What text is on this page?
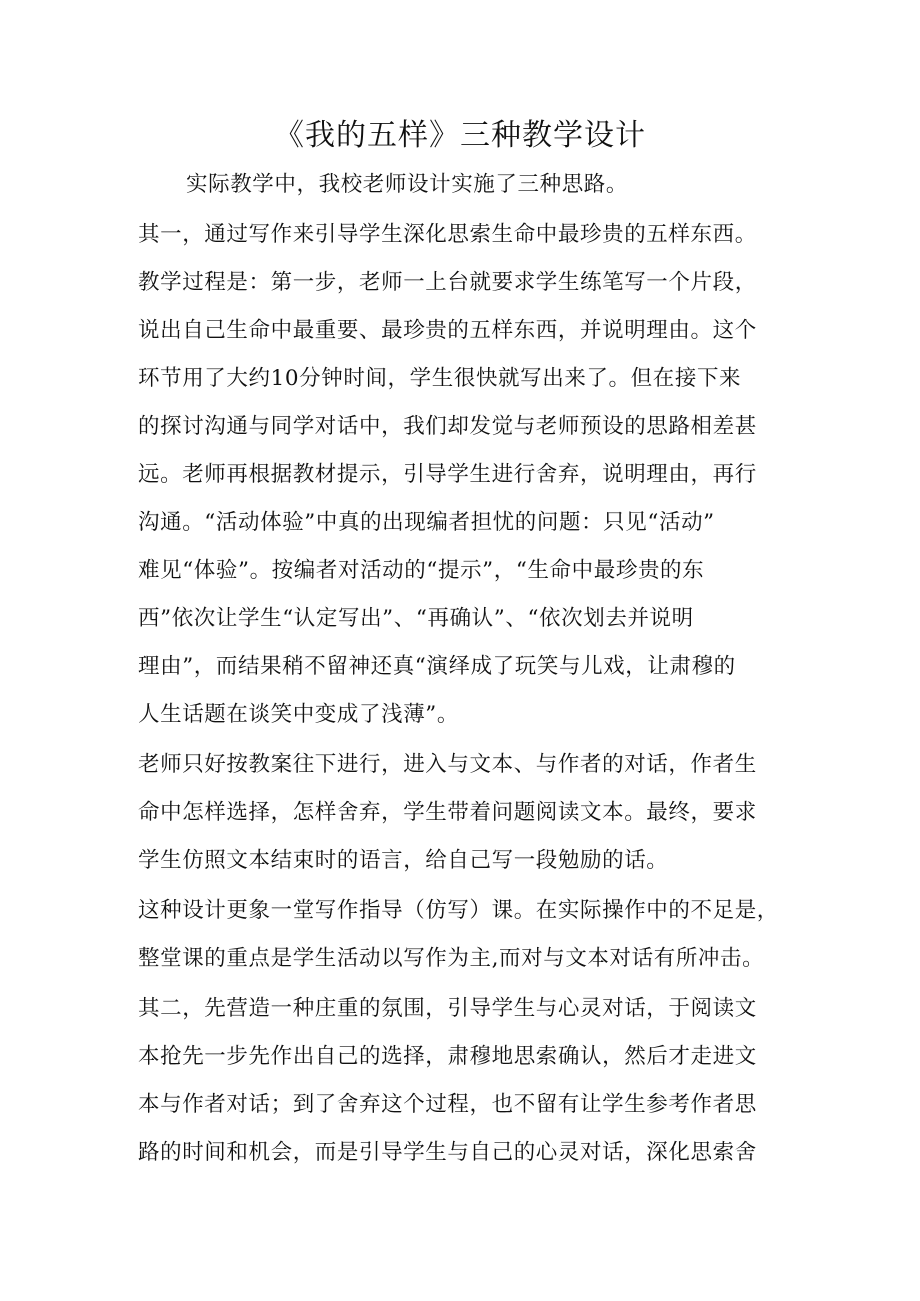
《我的五样》三种教学设计

实际教学中，我校老师设计实施了三种思路。

其一，通过写作来引导学生深化思索生命中最珍贵的五样东西。

教学过程是：第一步，老师一上台就要求学生练笔写一个片段，

说出自己生命中最重要、最珍贵的五样东西，并说明理由。这个

环节用了大约10分钟时间，学生很快就写出来了。但在接下来

的探讨沟通与同学对话中，我们却发觉与老师预设的思路相差甚

远。老师再根据教材提示，引导学生进行舍弃，说明理由，再行

沟通。“活动体验”中真的出现编者担忧的问题：只见“活动”

难见“体验”。按编者对活动的“提示”，“生命中最珍贵的东

西”依次让学生“认定写出”、“再确认”、“依次划去并说明

理由”，而结果稍不留神还真“演绎成了玩笑与儿戏，让肃穆的

人生话题在谈笑中变成了浅薄”。

老师只好按教案往下进行，进入与文本、与作者的对话，作者生

命中怎样选择，怎样舍弃，学生带着问题阅读文本。最终，要求

学生仿照文本结束时的语言，给自己写一段勉励的话。

这种设计更象一堂写作指导（仿写）课。在实际操作中的不足是，

整堂课的重点是学生活动以写作为主,而对与文本对话有所冲击。

其二，先营造一种庄重的氛围，引导学生与心灵对话，于阅读文

本抢先一步先作出自己的选择，肃穆地思索确认，然后才走进文

本与作者对话；到了舍弃这个过程，也不留有让学生参考作者思

路的时间和机会，而是引导学生与自己的心灵对话，深化思索舍
